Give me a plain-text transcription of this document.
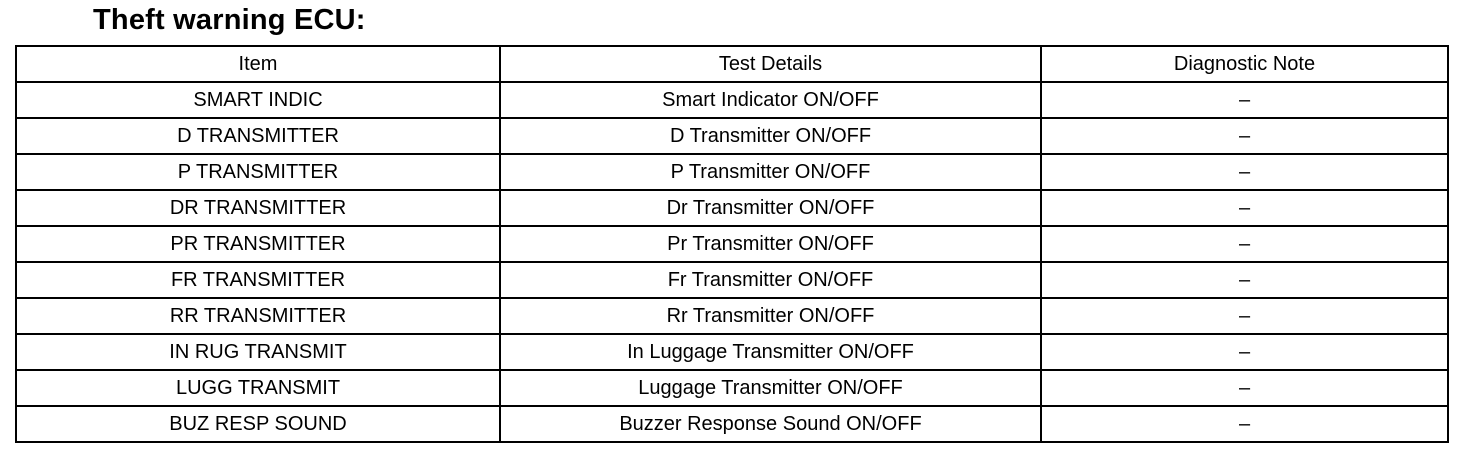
Theft warning ECU:
Item	Test Details	Diagnostic Note
SMART INDIC	Smart Indicator ON/OFF	–
D TRANSMITTER	D Transmitter ON/OFF	–
P TRANSMITTER	P Transmitter ON/OFF	–
DR TRANSMITTER	Dr Transmitter ON/OFF	–
PR TRANSMITTER	Pr Transmitter ON/OFF	–
FR TRANSMITTER	Fr Transmitter ON/OFF	–
RR TRANSMITTER	Rr Transmitter ON/OFF	–
IN RUG TRANSMIT	In Luggage Transmitter ON/OFF	–
LUGG TRANSMIT	Luggage Transmitter ON/OFF	–
BUZ RESP SOUND	Buzzer Response Sound ON/OFF	–
